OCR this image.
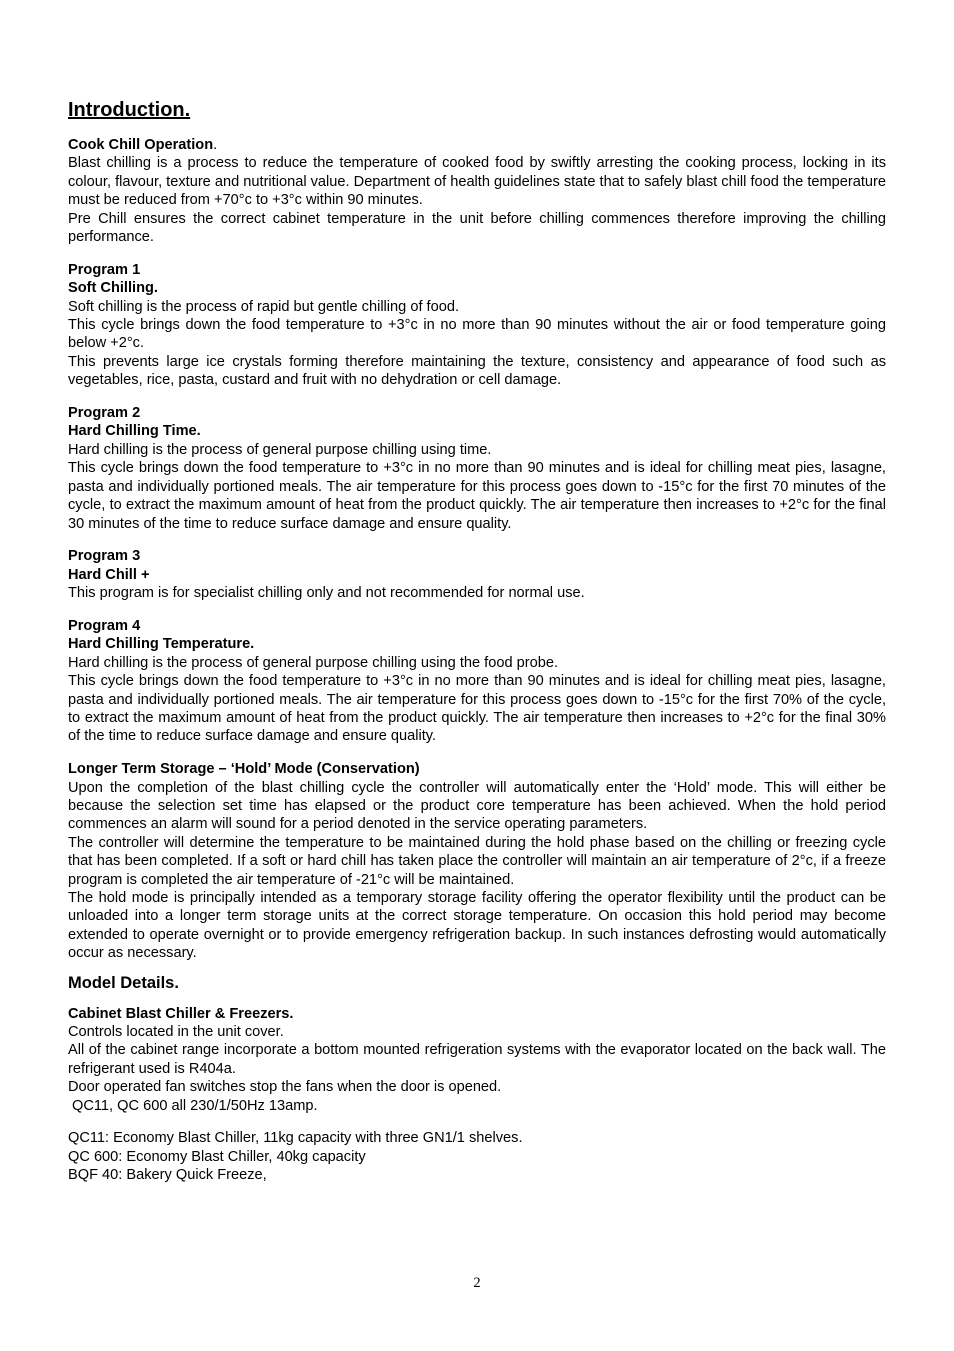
Introduction.
Cook Chill Operation.
Blast chilling is a process to reduce the temperature of cooked food by swiftly arresting the cooking process, locking in its colour, flavour, texture and nutritional value. Department of health guidelines state that to safely blast chill food the temperature must be reduced from +70°c to +3°c within 90 minutes.
Pre Chill ensures the correct cabinet temperature in the unit before chilling commences therefore improving the chilling performance.
Program 1
Soft Chilling.
Soft chilling is the process of rapid but gentle chilling of food.
This cycle brings down the food temperature to +3°c in no more than 90 minutes without the air or food temperature going below +2°c.
This prevents large ice crystals forming therefore maintaining the texture, consistency and appearance of food such as vegetables, rice, pasta, custard and fruit with no dehydration or cell damage.
Program 2
Hard Chilling Time.
Hard chilling is the process of general purpose chilling using time.
This cycle brings down the food temperature to +3°c in no more than 90 minutes and is ideal for chilling meat pies, lasagne, pasta and individually portioned meals. The air temperature for this process goes down to -15°c for the first 70 minutes of the cycle, to extract the maximum amount of heat from the product quickly. The air temperature then increases to +2°c for the final 30 minutes of the time to reduce surface damage and ensure quality.
Program 3
Hard Chill +
This program is for specialist chilling only and not recommended for normal use.
Program 4
Hard Chilling Temperature.
Hard chilling is the process of general purpose chilling using the food probe.
This cycle brings down the food temperature to +3°c in no more than 90 minutes and is ideal for chilling meat pies, lasagne, pasta and individually portioned meals. The air temperature for this process goes down to -15°c for the first 70% of the cycle, to extract the maximum amount of heat from the product quickly. The air temperature then increases to +2°c for the final 30% of the time to reduce surface damage and ensure quality.
Longer Term Storage – ‘Hold’ Mode (Conservation)
Upon the completion of the blast chilling cycle the controller will automatically enter the ‘Hold’ mode. This will either be because the selection set time has elapsed or the product core temperature has been achieved. When the hold period commences an alarm will sound for a period denoted in the service operating parameters.
The controller will determine the temperature to be maintained during the hold phase based on the chilling or freezing cycle that has been completed. If a soft or hard chill has taken place the controller will maintain an air temperature of 2°c, if a freeze program is completed the air temperature of -21°c will be maintained.
The hold mode is principally intended as a temporary storage facility offering the operator flexibility until the product can be unloaded into a longer term storage units at the correct storage temperature. On occasion this hold period may become extended to operate overnight or to provide emergency refrigeration backup. In such instances defrosting would automatically occur as necessary.
Model Details.
Cabinet Blast Chiller & Freezers.
Controls located in the unit cover.
All of the cabinet range incorporate a bottom mounted refrigeration systems with the evaporator located on the back wall. The refrigerant used is R404a.
Door operated fan switches stop the fans when the door is opened.
QC11, QC 600 all 230/1/50Hz 13amp.
QC11: Economy Blast Chiller, 11kg capacity with three GN1/1 shelves.
QC 600: Economy Blast Chiller, 40kg capacity
BQF 40: Bakery Quick Freeze,
2
